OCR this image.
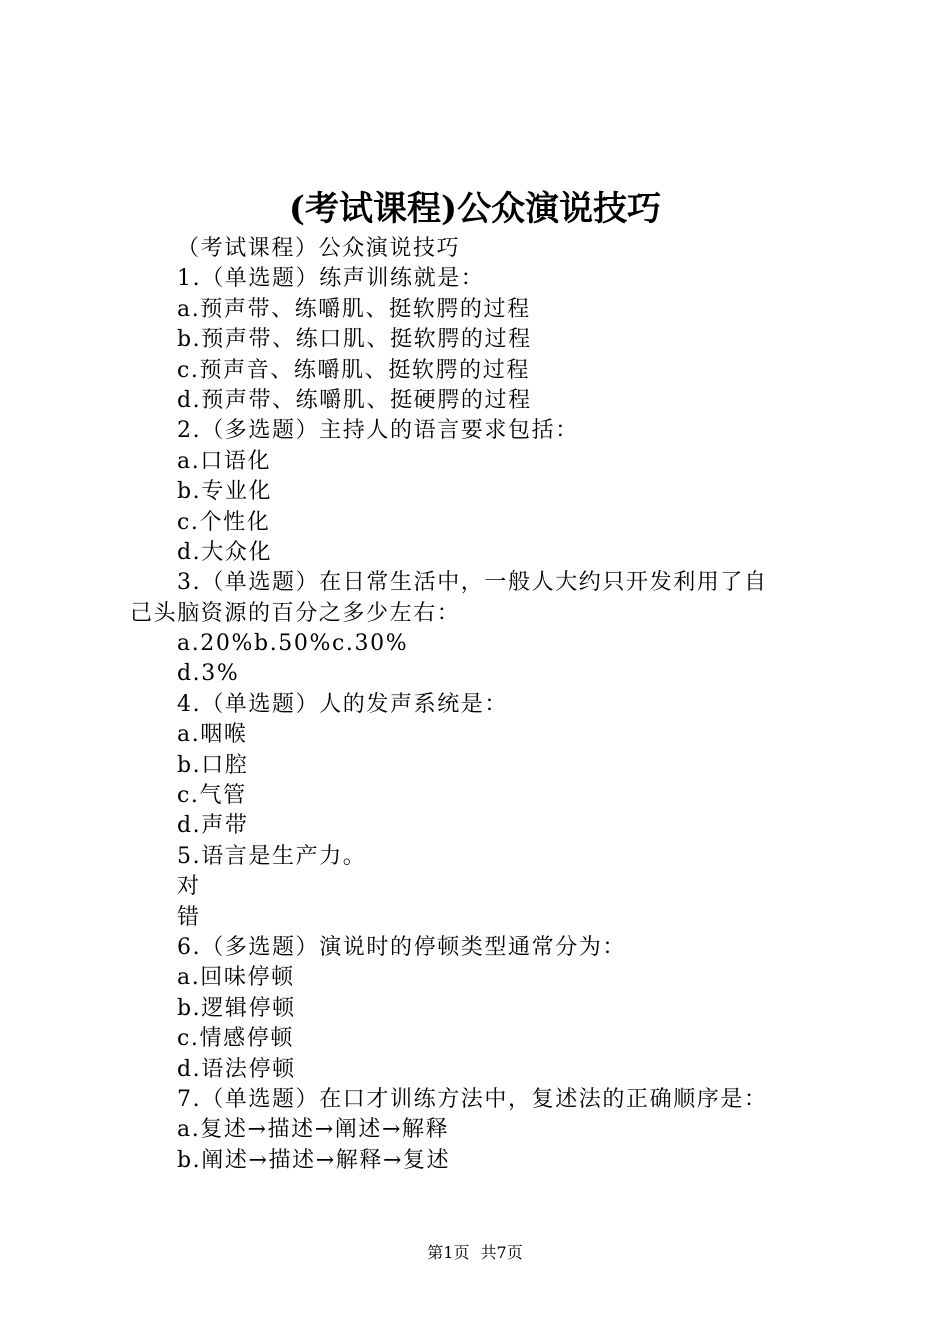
(考试课程)公众演说技巧
（考试课程）公众演说技巧
1.（单选题）练声训练就是：
a.预声带、练嚼肌、挺软腭的过程
b.预声带、练口肌、挺软腭的过程
c.预声音、练嚼肌、挺软腭的过程
d.预声带、练嚼肌、挺硬腭的过程
2.（多选题）主持人的语言要求包括：
a.口语化
b.专业化
c.个性化
d.大众化
3.（单选题）在日常生活中，一般人大约只开发利用了自
己头脑资源的百分之多少左右：
a.20%b.50%c.30%
d.3%
4.（单选题）人的发声系统是：
a.咽喉
b.口腔
c.气管
d.声带
5.语言是生产力。
对
错
6.（多选题）演说时的停顿类型通常分为：
a.回味停顿
b.逻辑停顿
c.情感停顿
d.语法停顿
7.（单选题）在口才训练方法中，复述法的正确顺序是：
a.复述→描述→阐述→解释
b.阐述→描述→解释→复述
第1页 共7页
